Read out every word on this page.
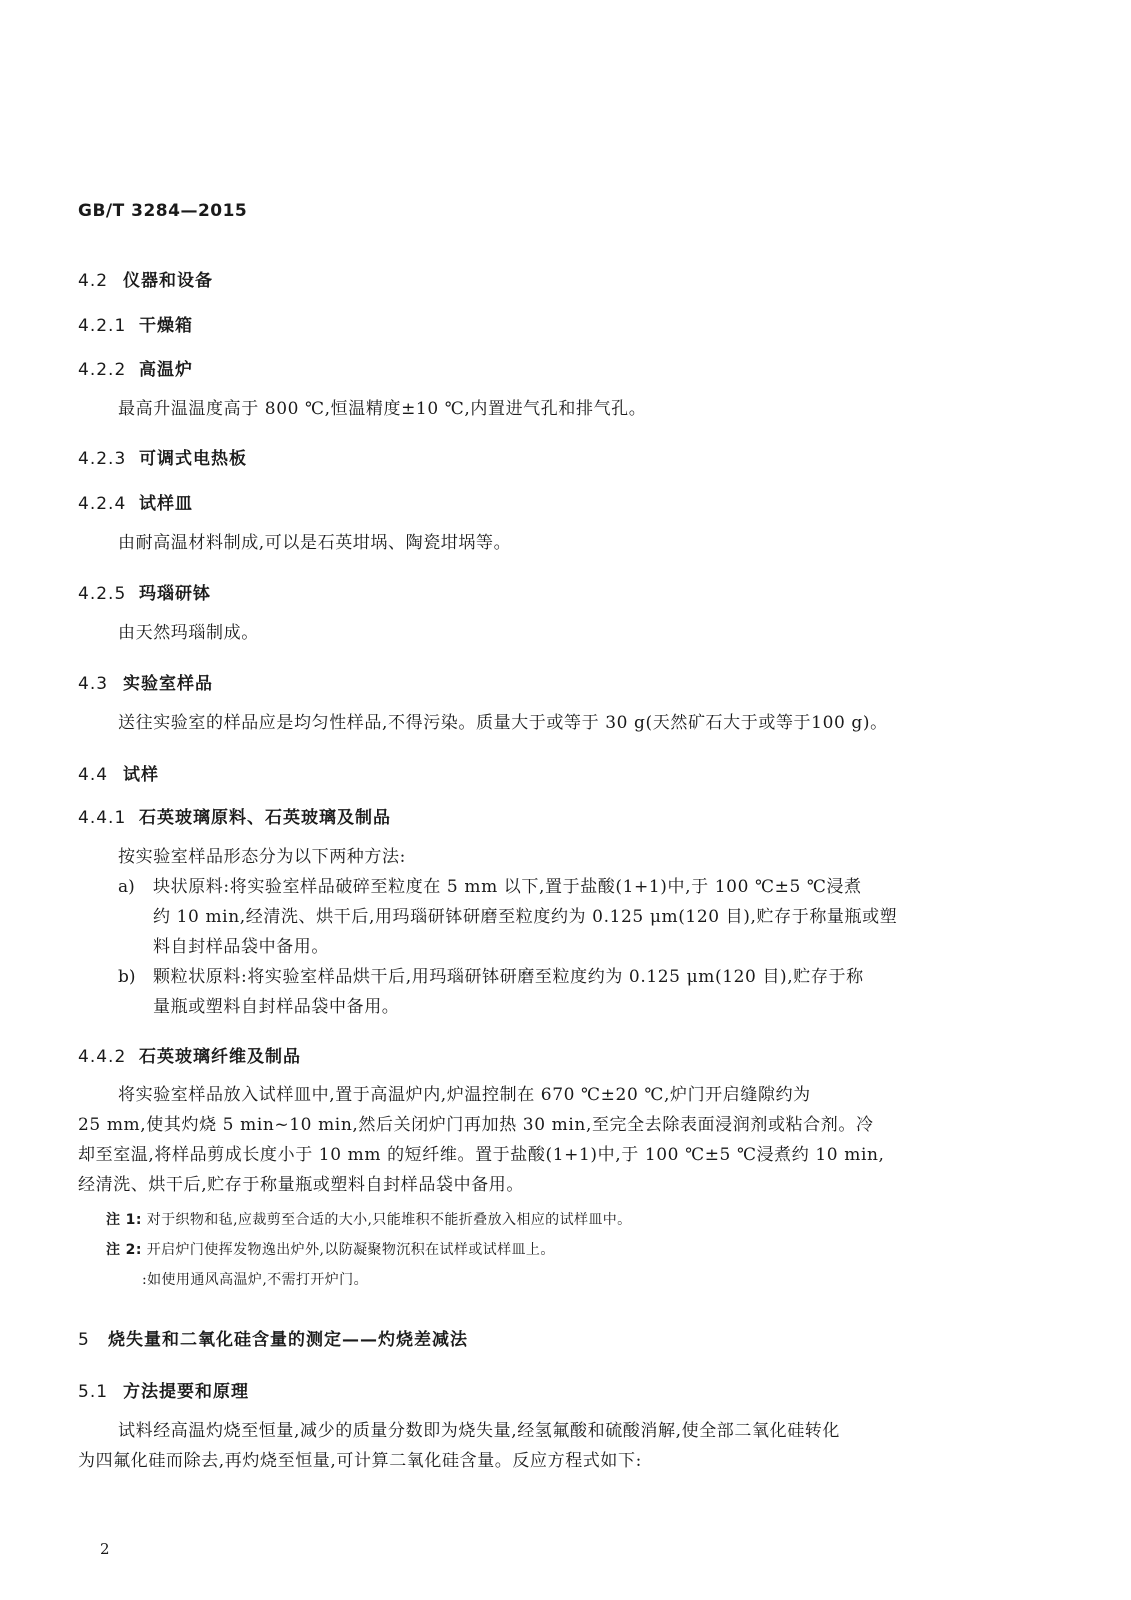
GB/T 3284—2015
4.2 仪器和设备
4.2.1 干燥箱
4.2.2 高温炉
最高升温温度高于 800 ℃,恒温精度±10 ℃,内置进气孔和排气孔。
4.2.3 可调式电热板
4.2.4 试样皿
由耐高温材料制成,可以是石英坩埚、陶瓷坩埚等。
4.2.5 玛瑙研钵
由天然玛瑙制成。
4.3 实验室样品
送往实验室的样品应是均匀性样品,不得污染。质量大于或等于 30 g(天然矿石大于或等于100 g)。
4.4 试样
4.4.1 石英玻璃原料、石英玻璃及制品
按实验室样品形态分为以下两种方法:
a) 块状原料:将实验室样品破碎至粒度在 5 mm 以下,置于盐酸(1+1)中,于 100 ℃±5 ℃浸煮
约 10 min,经清洗、烘干后,用玛瑙研钵研磨至粒度约为 0.125 μm(120 目),贮存于称量瓶或塑
料自封样品袋中备用。
b) 颗粒状原料:将实验室样品烘干后,用玛瑙研钵研磨至粒度约为 0.125 μm(120 目),贮存于称
量瓶或塑料自封样品袋中备用。
4.4.2 石英玻璃纤维及制品
将实验室样品放入试样皿中,置于高温炉内,炉温控制在 670 ℃±20 ℃,炉门开启缝隙约为
25 mm,使其灼烧 5 min~10 min,然后关闭炉门再加热 30 min,至完全去除表面浸润剂或粘合剂。冷
却至室温,将样品剪成长度小于 10 mm 的短纤维。置于盐酸(1+1)中,于 100 ℃±5 ℃浸煮约 10 min,
经清洗、烘干后,贮存于称量瓶或塑料自封样品袋中备用。
注 1: 对于织物和毡,应裁剪至合适的大小,只能堆积不能折叠放入相应的试样皿中。
注 2: 开启炉门使挥发物逸出炉外,以防凝聚物沉积在试样或试样皿上。
:如使用通风高温炉,不需打开炉门。
5 烧失量和二氧化硅含量的测定——灼烧差减法
5.1 方法提要和原理
试料经高温灼烧至恒量,减少的质量分数即为烧失量,经氢氟酸和硫酸消解,使全部二氧化硅转化
为四氟化硅而除去,再灼烧至恒量,可计算二氧化硅含量。反应方程式如下:
2
